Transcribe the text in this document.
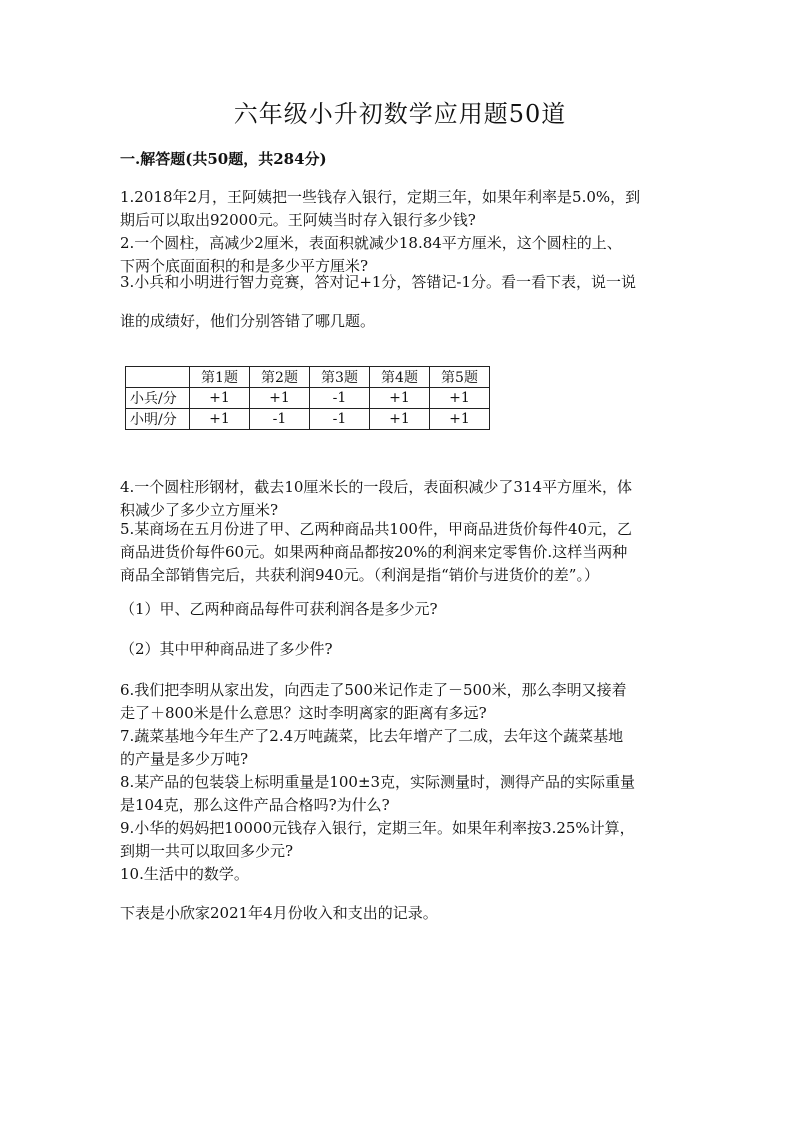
六年级小升初数学应用题50道
一.解答题(共50题，共284分)
1.2018年2月，王阿姨把一些钱存入银行，定期三年，如果年利率是5.0%，到
期后可以取出92000元。王阿姨当时存入银行多少钱?
2.一个圆柱，高减少2厘米，表面积就减少18.84平方厘米，这个圆柱的上、
下两个底面面积的和是多少平方厘米?
3.小兵和小明进行智力竞赛，答对记+1分，答错记-1分。看一看下表，说一说
谁的成绩好，他们分别答错了哪几题。
	第1题	第2题	第3题	第4题	第5题
小兵/分	+1	+1	-1	+1	+1
小明/分	+1	-1	-1	+1	+1
4.一个圆柱形钢材，截去10厘米长的一段后，表面积减少了314平方厘米，体
积减少了多少立方厘米?
5.某商场在五月份进了甲、乙两种商品共100件，甲商品进货价每件40元，乙
商品进货价每件60元。如果两种商品都按20%的利润来定零售价.这样当两种
商品全部销售完后，共获利润940元。（利润是指“销价与进货价的差”。）
（1）甲、乙两种商品每件可获利润各是多少元?
（2）其中甲种商品进了多少件?
6.我们把李明从家出发，向西走了500米记作走了－500米，那么李明又接着
走了＋800米是什么意思？这时李明离家的距离有多远?
7.蔬菜基地今年生产了2.4万吨蔬菜，比去年增产了二成，去年这个蔬菜基地
的产量是多少万吨?
8.某产品的包装袋上标明重量是100±3克，实际测量时，测得产品的实际重量
是104克，那么这件产品合格吗?为什么?
9.小华的妈妈把10000元钱存入银行，定期三年。如果年利率按3.25%计算，
到期一共可以取回多少元?
10.生活中的数学。
下表是小欣家2021年4月份收入和支出的记录。
